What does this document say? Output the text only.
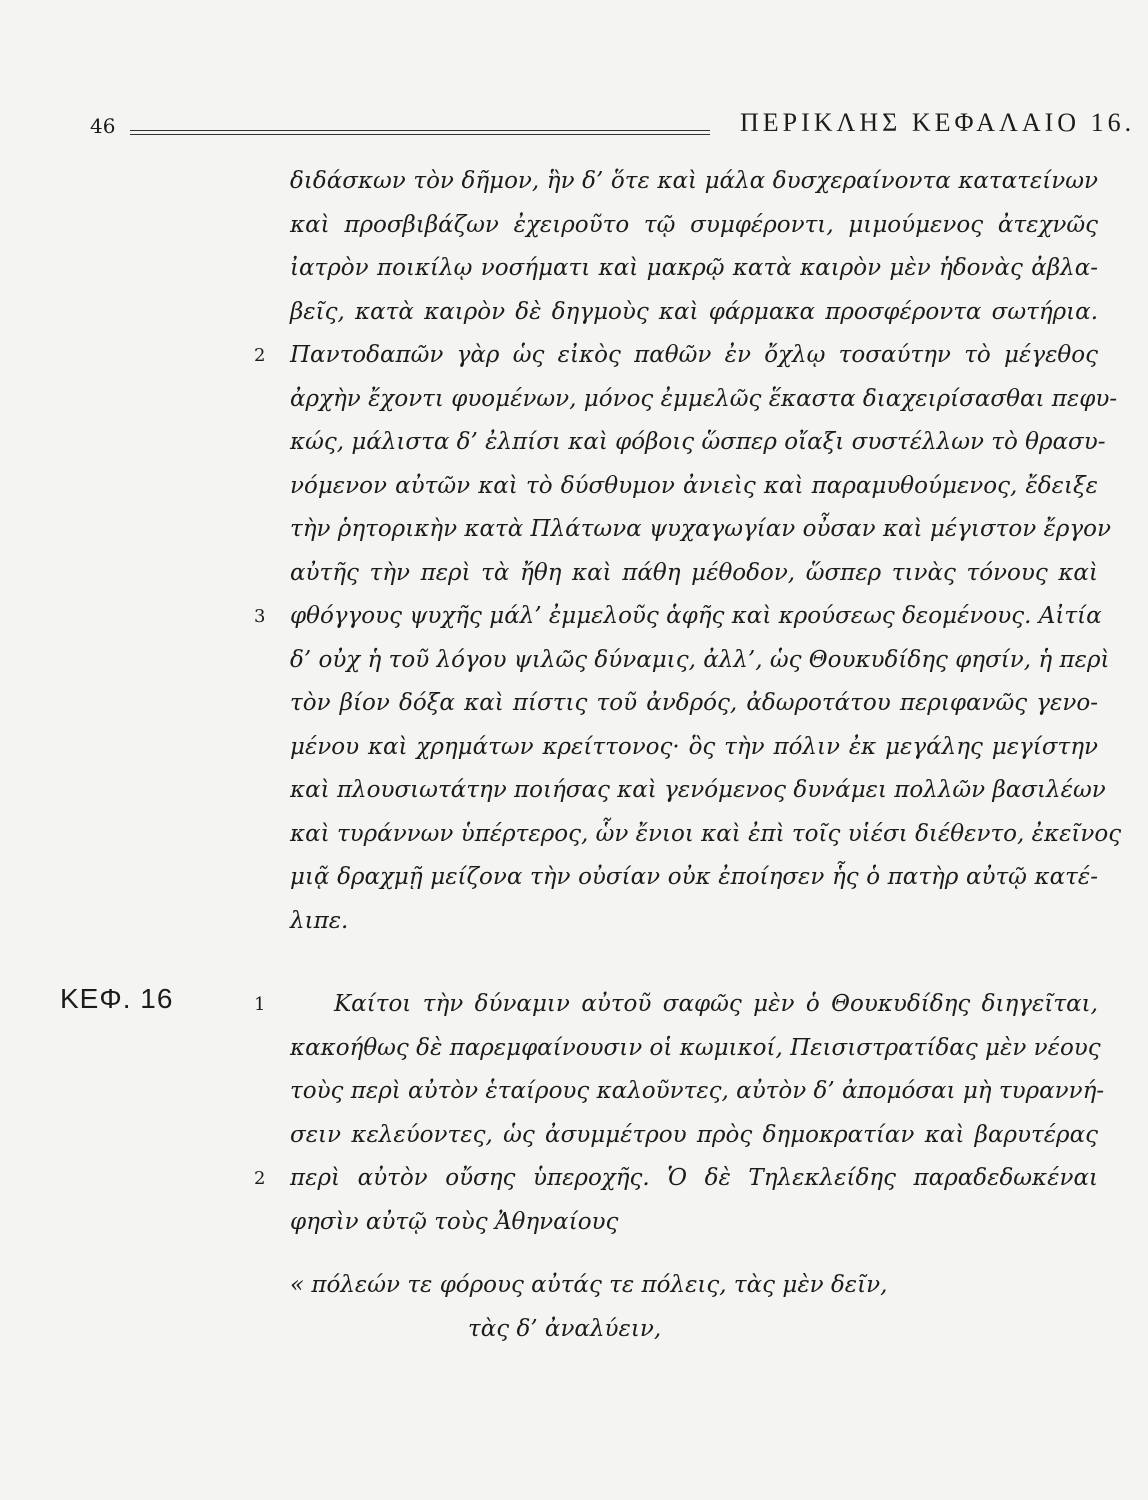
46	ΠΕΡΙΚΛΗΣ ΚΕΦΑΛΑΙΟ 16.
διδάσκων τὸν δῆμον, ἣν δ’ ὅτε καὶ μάλα δυσχεραίνοντα κατατείνων
καὶ προσβιβάζων ἐχειροῦτο τῷ συμφέροντι, μιμούμενος ἀτεχνῶς
ἰατρὸν ποικίλῳ νοσήματι καὶ μακρῷ κατὰ καιρὸν μὲν ἡδονὰς ἀβλα-
βεῖς, κατὰ καιρὸν δὲ δηγμοὺς καὶ φάρμακα προσφέροντα σωτήρια.
2 Παντοδαπῶν γὰρ ὡς εἰκὸς παθῶν ἐν ὄχλῳ τοσαύτην τὸ μέγεθος
ἀρχὴν ἔχοντι φυομένων, μόνος ἐμμελῶς ἕκαστα διαχειρίσασθαι πεφυ-
κώς, μάλιστα δ’ ἐλπίσι καὶ φόβοις ὥσπερ οἴαξι συστέλλων τὸ θρασυ-
νόμενον αὐτῶν καὶ τὸ δύσθυμον ἀνιεὶς καὶ παραμυθούμενος, ἔδειξε
τὴν ῥητορικὴν κατὰ Πλάτωνα ψυχαγωγίαν οὖσαν καὶ μέγιστον ἔργον
αὐτῆς τὴν περὶ τὰ ἤθη καὶ πάθη μέθοδον, ὥσπερ τινὰς τόνους καὶ
3 φθόγγους ψυχῆς μάλ’ ἐμμελοῦς ἁφῆς καὶ κρούσεως δεομένους. Αἰτία
δ’ οὐχ ἡ τοῦ λόγου ψιλῶς δύναμις, ἀλλ’, ὡς Θουκυδίδης φησίν, ἡ περὶ
τὸν βίον δόξα καὶ πίστις τοῦ ἀνδρός, ἀδωροτάτου περιφανῶς γενο-
μένου καὶ χρημάτων κρείττονος· ὃς τὴν πόλιν ἐκ μεγάλης μεγίστην
καὶ πλουσιωτάτην ποιήσας καὶ γενόμενος δυνάμει πολλῶν βασιλέων
καὶ τυράννων ὑπέρτερος, ὧν ἔνιοι καὶ ἐπὶ τοῖς υἱέσι διέθεντο, ἐκεῖνος
μιᾷ δραχμῇ μείζονα τὴν οὐσίαν οὐκ ἐποίησεν ἧς ὁ πατὴρ αὐτῷ κατέ-
λιπε.
ΚΕΦ. 16	1	Καίτοι τὴν δύναμιν αὐτοῦ σαφῶς μὲν ὁ Θουκυδίδης διηγεῖται,
κακοήθως δὲ παρεμφαίνουσιν οἱ κωμικοί, Πεισιστρατίδας μὲν νέους
τοὺς περὶ αὐτὸν ἑταίρους καλοῦντες, αὐτὸν δ’ ἀπομόσαι μὴ τυραννή-
σειν κελεύοντες, ὡς ἀσυμμέτρου πρὸς δημοκρατίαν καὶ βαρυτέρας
2 περὶ αὐτὸν οὔσης ὑπεροχῆς. Ὁ δὲ Τηλεκλείδης παραδεδωκέναι
φησὶν αὐτῷ τοὺς Ἀθηναίους
« πόλεών τε φόρους αὐτάς τε πόλεις, τὰς μὲν δεῖν,
τὰς δ’ ἀναλύειν,
